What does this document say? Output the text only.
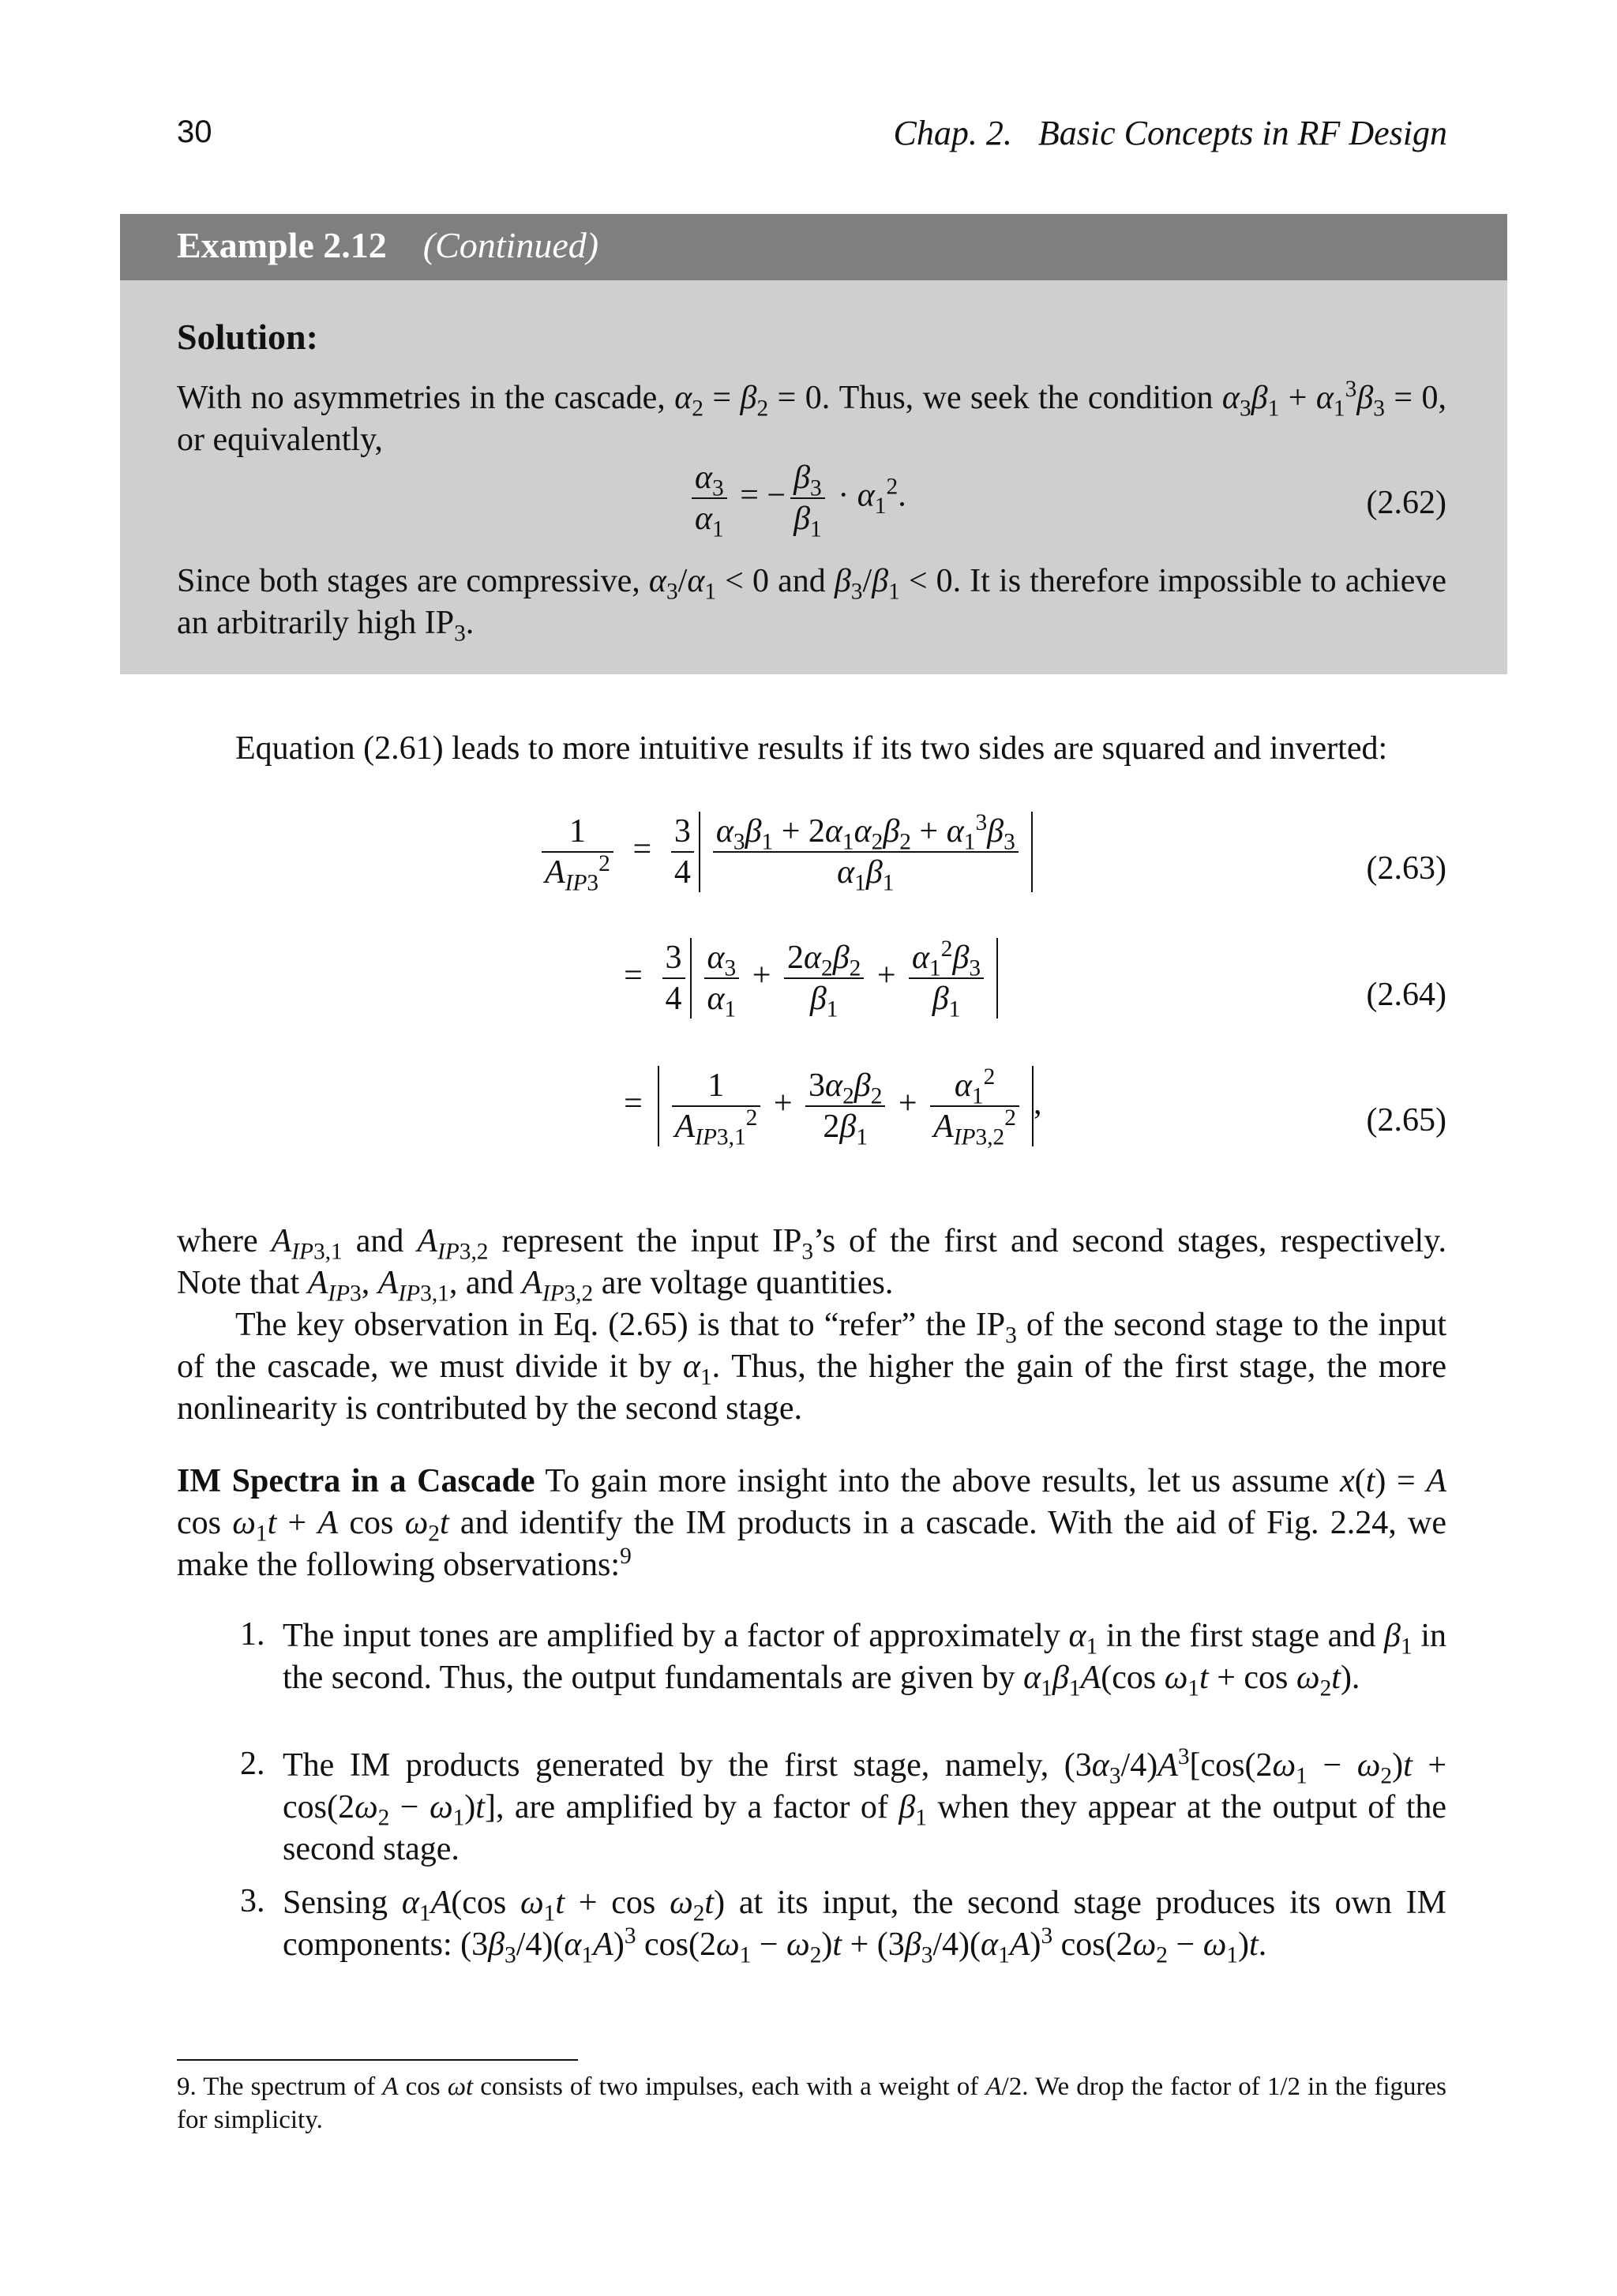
30	Chap. 2.   Basic Concepts in RF Design
Example 2.12 (Continued)
Solution:
With no asymmetries in the cascade, $\alpha_2 = \beta_2 = 0$. Thus, we seek the condition $\alpha_3\beta_1 + \alpha_1^3\beta_3 = 0$, or equivalently,
$\frac{\alpha_3}{\alpha_1}$ = − $\frac{\beta_3}{\beta_1} \cdot \alpha_1^2$.	(2.62)
Since both stages are compressive, $\alpha_3/\alpha_1 < 0$ and $\beta_3/\beta_1 < 0$. It is therefore impossible to achieve an arbitrarily high $IP_3$.
Equation (2.61) leads to more intuitive results if its two sides are squared and inverted:
$\frac{1}{A_{IP3}^2} = \frac{3}{4} \frac{\alpha_3\beta_1 + 2\alpha_1\alpha_2\beta_2 + \alpha_1^3\beta_3}{\alpha_1\beta_1}$	(2.63)
= $\frac{3}{4} \frac{\alpha_3}{\alpha_1} + \frac{2\alpha_2\beta_2}{\beta_1} + \frac{\alpha_1^2\beta_3}{\beta_1}$	(2.64)
= $\frac{1}{A_{IP3,1}^2} + \frac{3\alpha_2\beta_2}{2\beta_1} + \frac{\alpha_1^2}{A_{IP3,2}^2}$ ,	(2.65)
where $A_{IP3,1}$ and $A_{IP3,2}$ represent the input $IP_3’s$ of the first and second stages, respectively. Note that $A_{IP3}$, $A_{IP3,1}$, and $A_{IP3,2}$ are voltage quantities.
The key observation in Eq. (2.65) is that to “refer” the $IP_3$ of the second stage to the input of the cascade, we must divide it by $\alpha_1$. Thus, the higher the gain of the first stage, the more nonlinearity is contributed by the second stage.
IM Spectra in a Cascade To gain more insight into the above results, let us assume x(t) = A $\cos \omega_1t + A$ $\cos \omega_2t$ and identify the IM products in a cascade. With the aid of Fig. 2.24, we make the following observations:$^9$
1. The input tones are amplified by a factor of approximately $\alpha_1$ in the first stage and $\beta_1$ in the second. Thus, the output fundamentals are given by $\alpha_1\beta_1A(\cos$ $\omega_1t + \cos \omega_2t$).
2. The IM products generated by the first stage, namely, $(3\alpha_3/4)A^3[\cos(2\omega_1 - \omega_2)t + \cos(2\omega_2 - \omega_1)t]$, are amplified by a factor of $\beta_1$ when they appear at the output of the second stage.
3. Sensing $\alpha_1A(\cos$ $\omega_1t + \cos \omega_2t$) at its input, the second stage produces its own IM components: $(3\beta_3/4)(\alpha_1A)^3$ $\cos(2\omega_1 - \omega_2)t + (3\beta_3/4)(\alpha_1A)^3$ $\cos(2\omega_2 - \omega_1)t$.
9. The spectrum of A cos ωt consists of two impulses, each with a weight of A/2. We drop the factor of 1/2 in the figures for simplicity.
